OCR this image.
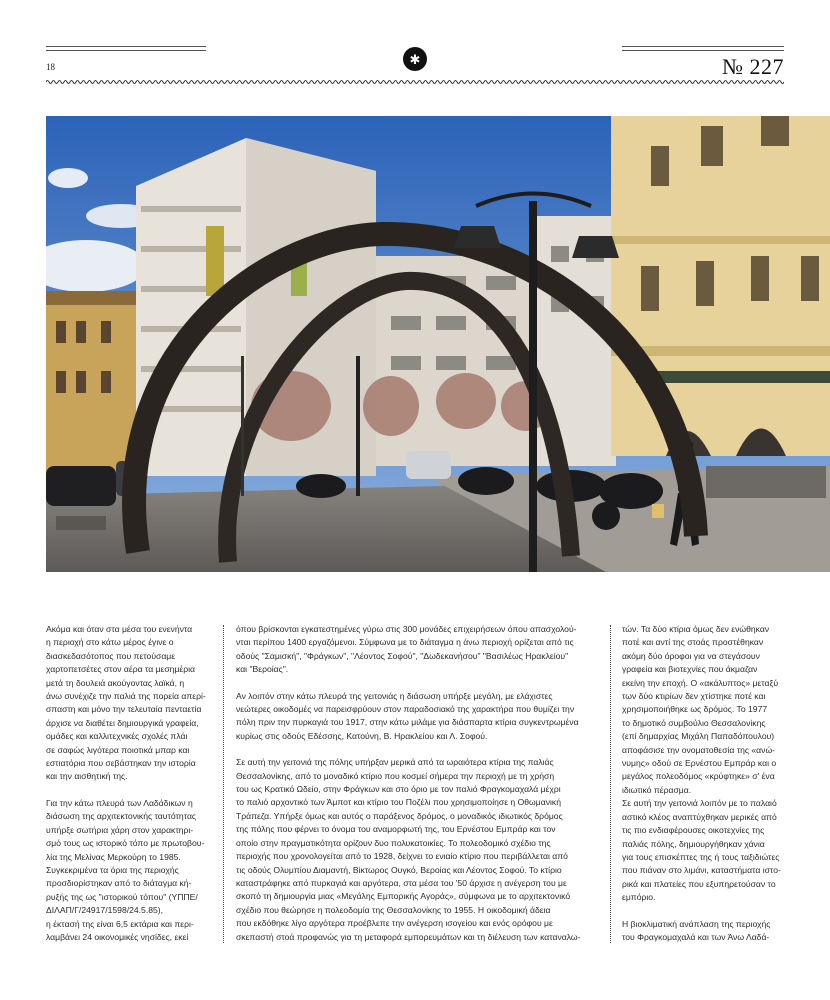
✱
18	№ 227

Ακόμα και όταν στα μέσα του ενενήντα
η περιοχή στο κάτω μέρος έγινε ο
διασκεδασότοπος που πετούσαμε
χαρτοπετσέτες στον αέρα τα μεσημέρια
μετά τη δουλειά ακούγοντας λαϊκά, η
άνω συνέχιζε την παλιά της πορεία απερί-
σπαστη και μόνο την τελευταία πενταετία
άρχισε να διαθέτει δημιουργικά γραφεία,
ομάδες και καλλιτεχνικές σχολές πλάι
σε σαφώς λιγότερα ποιοτικά μπαρ και
εστιατόρια που σεβάστηκαν την ιστορία
και την αισθητική της.

Για την κάτω πλευρά των Λαδάδικων η
διάσωση της αρχιτεκτονικής ταυτότητας
υπήρξε σωτήρια χάρη στον χαρακτηρι-
σμό τους ως ιστορικό τόπο με πρωτοβου-
λία της Μελίνας Μερκούρη το 1985.
Συγκεκριμένα τα όρια της περιοχής
προσδιορίστηκαν από το διάταγμα κή-
ρυξής της ως "ιστορικού τόπου" (ΥΠΠΕ/
ΔΙΛΑΠ/Γ/24917/1598/24.5.85),
η έκτασή της είναι 6,5 εκτάρια και περι-
λαμβάνει 24 οικονομικές νησίδες, εκεί

όπου βρίσκονται εγκατεστημένες γύρω στις 300 μονάδες επιχειρήσεων όπου απασχολού-
νται περίπου 1400 εργαζόμενοι. Σύμφωνα με το διάταγμα η άνω περιοχή ορίζεται από τις
οδούς "Σαμισκή", "Φράγκων", "Λέοντος Σοφού", "Δωδεκανήσου" "Βασιλέως Ηρακλείου"
και "Βεροίας".

Αν λοιπόν στην κάτω πλευρά της γειτονιάς η διάσωση υπήρξε μεγάλη, με ελάχιστες
νεώτερες οικοδομές να παρεισφρύουν στον παραδοσιακό της χαρακτήρα που θυμίζει την
πόλη πριν την πυρκαγιά του 1917, στην κάτω μιλάμε για διάσπαρτα κτίρια συγκεντρωμένα
κυρίως στις οδούς Εδέσσης, Κατούνη, Β. Ηρακλείου και Λ. Σοφού.

Σε αυτή την γειτονιά της πόλης υπήρξαν μερικά από τα ωραιότερα κτίρια της παλιάς
Θεσσαλονίκης, από το μοναδικό κτίριο που κοσμεί σήμερα την περιοχή με τη χρήση
του ως Κρατικό Ωδείο, στην Φράγκων και στο όριο με τον παλιό Φραγκομαχαλά μέχρι
το παλιό αρχοντικό των Άμποτ και κτίριο του Ποζέλι που χρησιμοποίησε η Οθωμανική
Τράπεζα. Υπήρξε όμως και αυτός ο παράξενος δρόμος, ο μοναδικός ιδιωτικός δρόμος
της πόλης που φέρνει το όνομα του αναμορφωτή της, του Ερνέστου Εμπράρ και τον
οποίο στην πραγματικότητα ορίζουν δυο πολυκατοικίες. Το πολεοδομικό σχέδιο της
περιοχής που χρονολογείται από το 1928, δείχνει το ενιαίο κτίριο που περιβάλλεται από
τις οδούς Ολυμπίου Διαμαντή, Βίκτωρος Ουγκό, Βεροίας και Λέοντος Σοφού. Το κτίριο
καταστράφηκε από πυρκαγιά και αργότερα, στα μέσα του '50 άρχισε η ανέγερση του με
σκοπό τη δημιουργία μιας «Μεγάλης Εμπορικής Αγοράς», σύμφωνα με το αρχιτεκτονικό
σχέδιο που θεώρησε η πολεοδομία της Θεσσαλονίκης το 1955. Η οικοδομική άδεια
που εκδόθηκε λίγο αργότερα προέβλεπε την ανέγερση ισογείου και ενός ορόφου με
σκεπαστή στοά προφανώς για τη μεταφορά εμπορευμάτων και τη διέλευση των καταναλω-

τών. Τα δύο κτίρια όμως δεν ενώθηκαν
ποτέ και αντί της στοάς προστέθηκαν
ακόμη δύο όροφοι για να στεγάσουν
γραφεία και βιοτεχνίες που άκμαζαν
εκείνη την εποχή. Ο «ακάλυπτος» μεταξύ
των δύο κτιρίων δεν χτίστηκε ποτέ και
χρησιμοποιήθηκε ως δρόμος. Το 1977
το δημοτικό συμβούλιο Θεσσαλονίκης
(επί δημαρχίας Μιχάλη Παπαδόπουλου)
αποφάσισε την ονοματοθεσία της «ανώ-
νυμης» οδού σε Ερνέστου Εμπράρ και ο
μεγάλος πολεοδόμος «κρύφτηκε» σ' ένα
ιδιωτικό πέρασμα.
Σε αυτή την γειτονιά λοιπόν με το παλαιό
αστικό κλέος αναπτύχθηκαν μερικές από
τις πιο ενδιαφέρουσες οικοτεχνίες της
παλιάς πόλης, δημιουργήθηκαν χάνια
για τους επισκέπτες της ή τους ταξιδιώτες
που πιάναν στο λιμάνι, καταστήματα ιστο-
ρικά και πλατείες που εξυπηρετούσαν το
εμπόριο.

Η βιοκλιματική ανάπλαση της περιοχής
του Φραγκομαχαλά και των Άνω Λαδά-
